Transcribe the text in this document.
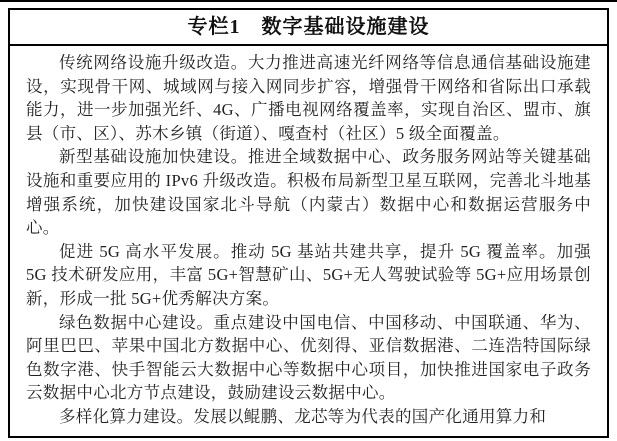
专栏1　数字基础设施建设

传统网络设施升级改造。大力推进高速光纤网络等信息通信基础设施建设，实现骨干网、城域网与接入网同步扩容，增强骨干网络和省际出口承载能力，进一步加强光纤、4G、广播电视网络覆盖率，实现自治区、盟市、旗县（市、区）、苏木乡镇（街道）、嘎查村（社区）5 级全面覆盖。

新型基础设施加快建设。推进全域数据中心、政务服务网站等关键基础设施和重要应用的 IPv6 升级改造。积极布局新型卫星互联网，完善北斗地基增强系统，加快建设国家北斗导航（内蒙古）数据中心和数据运营服务中心。

促进 5G 高水平发展。推动 5G 基站共建共享，提升 5G 覆盖率。加强 5G 技术研发应用，丰富 5G+智慧矿山、5G+无人驾驶试验等 5G+应用场景创新，形成一批 5G+优秀解决方案。

绿色数据中心建设。重点建设中国电信、中国移动、中国联通、华为、阿里巴巴、苹果中国北方数据中心、优刻得、亚信数据港、二连浩特国际绿色数字港、快手智能云大数据中心等数据中心项目，加快推进国家电子政务云数据中心北方节点建设，鼓励建设云数据中心。

多样化算力建设。发展以鲲鹏、龙芯等为代表的国产化通用算力和
